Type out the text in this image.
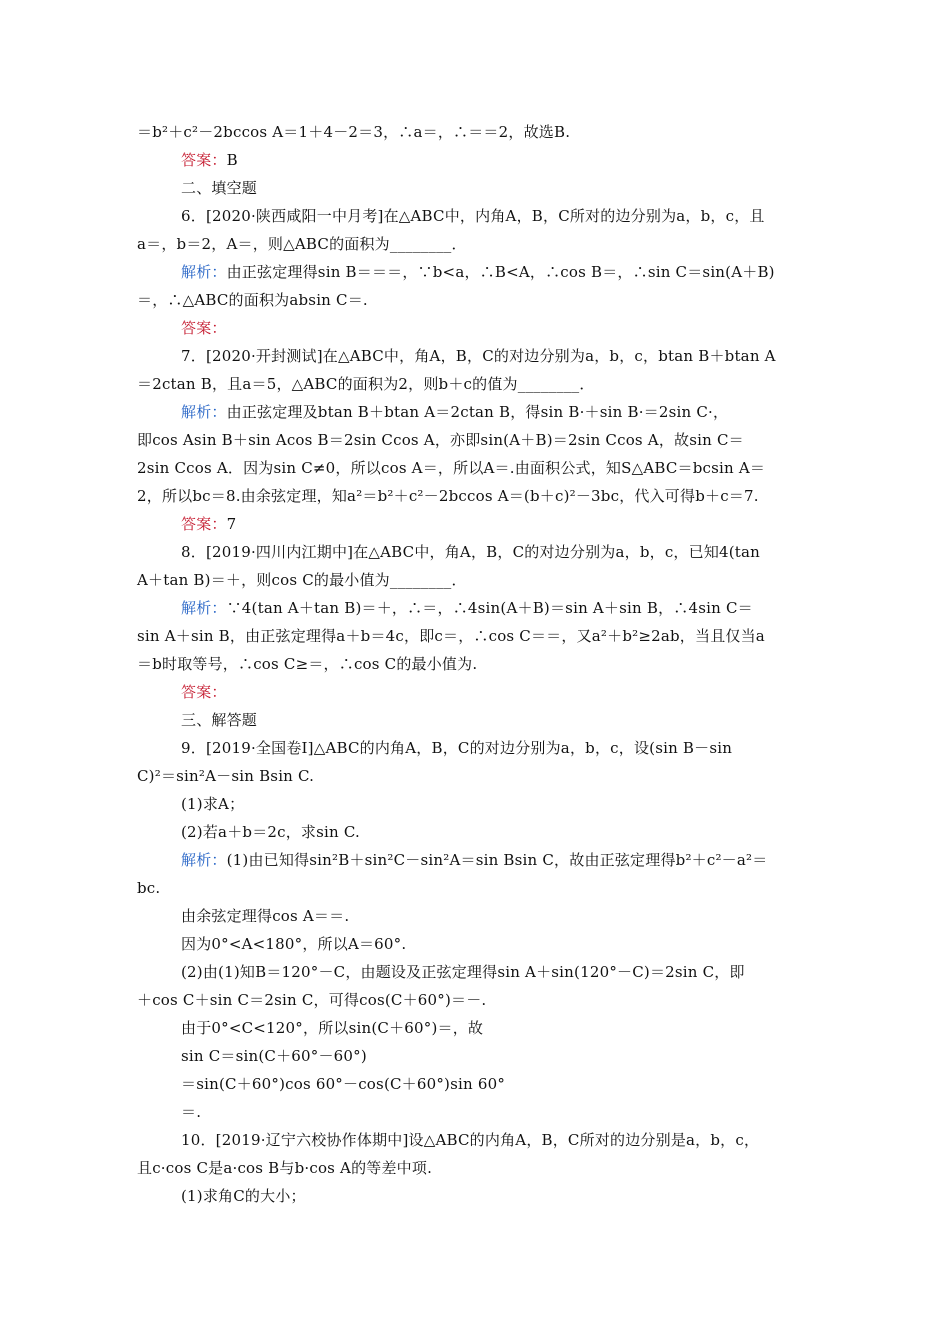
＝b²＋c²－2bccos A＝1＋4－2＝3，∴a＝，∴＝＝2，故选B.
答案：B
二、填空题
6．[2020·陕西咸阳一中月考]在△ABC中，内角A，B，C所对的边分别为a，b，c，且
a＝，b＝2，A＝，则△ABC的面积为________．
解析：由正弦定理得sin B＝＝＝，∵b<a，∴B<A，∴cos B＝，∴sin C＝sin(A＋B)
＝，∴△ABC的面积为absin C＝.
答案：
7．[2020·开封测试]在△ABC中，角A，B，C的对边分别为a，b，c，btan B＋btan A
＝2ctan B，且a＝5，△ABC的面积为2，则b＋c的值为________．
解析：由正弦定理及btan B＋btan A＝2ctan B，得sin B·＋sin B·＝2sin C·，
即cos Asin B＋sin Acos B＝2sin Ccos A，亦即sin(A＋B)＝2sin Ccos A，故sin C＝
2sin Ccos A．因为sin C≠0，所以cos A＝，所以A＝.由面积公式，知S△ABC＝bcsin A＝
2，所以bc＝8.由余弦定理，知a²＝b²＋c²－2bccos A＝(b＋c)²－3bc，代入可得b＋c＝7.
答案：7
8．[2019·四川内江期中]在△ABC中，角A，B，C的对边分别为a，b，c，已知4(tan
A＋tan B)＝＋，则cos C的最小值为________．
解析：∵4(tan A＋tan B)＝＋，∴＝，∴4sin(A＋B)＝sin A＋sin B，∴4sin C＝
sin A＋sin B，由正弦定理得a＋b＝4c，即c＝，∴cos C＝＝，又a²＋b²≥2ab，当且仅当a
＝b时取等号，∴cos C≥＝，∴cos C的最小值为.
答案：
三、解答题
9．[2019·全国卷Ⅰ]△ABC的内角A，B，C的对边分别为a，b，c，设(sin B－sin
C)²＝sin²A－sin Bsin C.
(1)求A；
(2)若a＋b＝2c，求sin C.
解析：(1)由已知得sin²B＋sin²C－sin²A＝sin Bsin C，故由正弦定理得b²＋c²－a²＝
bc.
由余弦定理得cos A＝＝.
因为0°<A<180°，所以A＝60°.
(2)由(1)知B＝120°－C，由题设及正弦定理得sin A＋sin(120°－C)＝2sin C，即
＋cos C＋sin C＝2sin C，可得cos(C＋60°)＝－.
由于0°<C<120°，所以sin(C＋60°)＝，故
sin C＝sin(C＋60°－60°)
＝sin(C＋60°)cos 60°－cos(C＋60°)sin 60°
＝.
10．[2019·辽宁六校协作体期中]设△ABC的内角A，B，C所对的边分别是a，b，c，
且c·cos C是a·cos B与b·cos A的等差中项.
(1)求角C的大小；
